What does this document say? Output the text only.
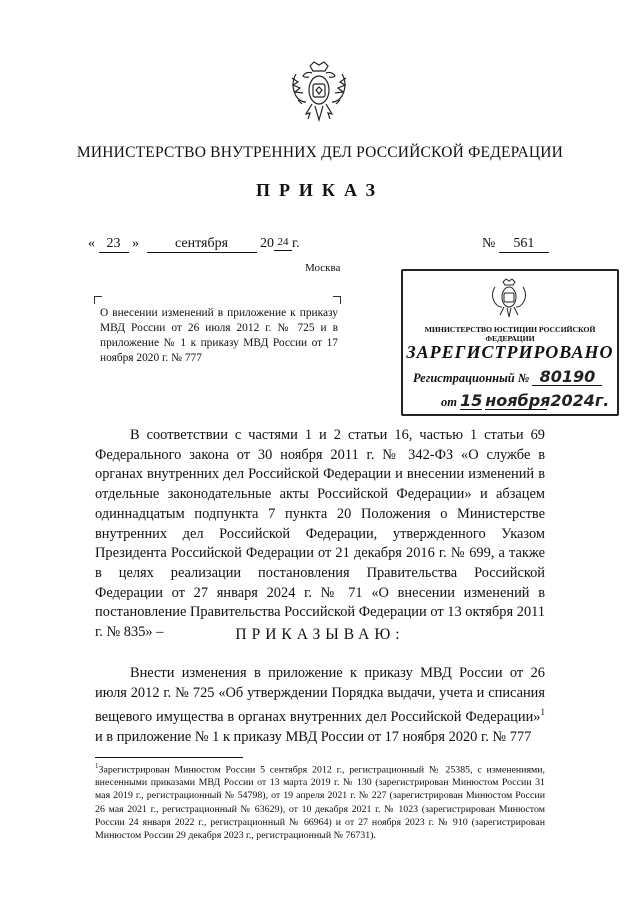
МИНИСТЕРСТВО ВНУТРЕННИХ ДЕЛ РОССИЙСКОЙ ФЕДЕРАЦИИ
ПРИКАЗ
« 23 »	сентября 20 24 г.	№ 561
Москва
О внесении изменений в приложение к приказу МВД России от 26 июля 2012 г. № 725 и в приложение № 1 к приказу МВД России от 17 ноября 2020 г. № 777
МИНИСТЕРСТВО ЮСТИЦИИ РОССИЙСКОЙ ФЕДЕРАЦИИ
ЗАРЕГИСТРИРОВАНО
Регистрационный № 80190
от 15 ноября 2024г.
В соответствии с частями 1 и 2 статьи 16, частью 1 статьи 69 Федерального закона от 30 ноября 2011 г. № 342-ФЗ «О службе в органах внутренних дел Российской Федерации и внесении изменений в отдельные законодательные акты Российской Федерации» и абзацем одиннадцатым подпункта 7 пункта 20 Положения о Министерстве внутренних дел Российской Федерации, утвержденного Указом Президента Российской Федерации от 21 декабря 2016 г. № 699, а также в целях реализации постановления Правительства Российской Федерации от 27 января 2024 г. № 71 «О внесении изменений в постановление Правительства Российской Федерации от 13 октября 2011 г. № 835» –	ПРИКАЗЫВАЮ:
Внести изменения в приложение к приказу МВД России от 26 июля 2012 г. № 725 «Об утверждении Порядка выдачи, учета и списания вещевого имущества в органах внутренних дел Российской Федерации»$^1$ и в приложение № 1 к приказу МВД России от 17 ноября 2020 г. № 777
$^1$Зарегистрирован Минюстом России 5 сентября 2012 г., регистрационный № 25385, с изменениями, внесенными приказами МВД России от 13 марта 2019 г. № 130 (зарегистрирован Минюстом России 31 мая 2019 г., регистрационный № 54798), от 19 апреля 2021 г. № 227 (зарегистрирован Минюстом России 26 мая 2021 г., регистрационный № 63629), от 10 декабря 2021 г. № 1023 (зарегистрирован Минюстом России 24 января 2022 г., регистрационный № 66964) и от 27 ноября 2023 г. № 910 (зарегистрирован Минюстом России 29 декабря 2023 г., регистрационный № 76731).
